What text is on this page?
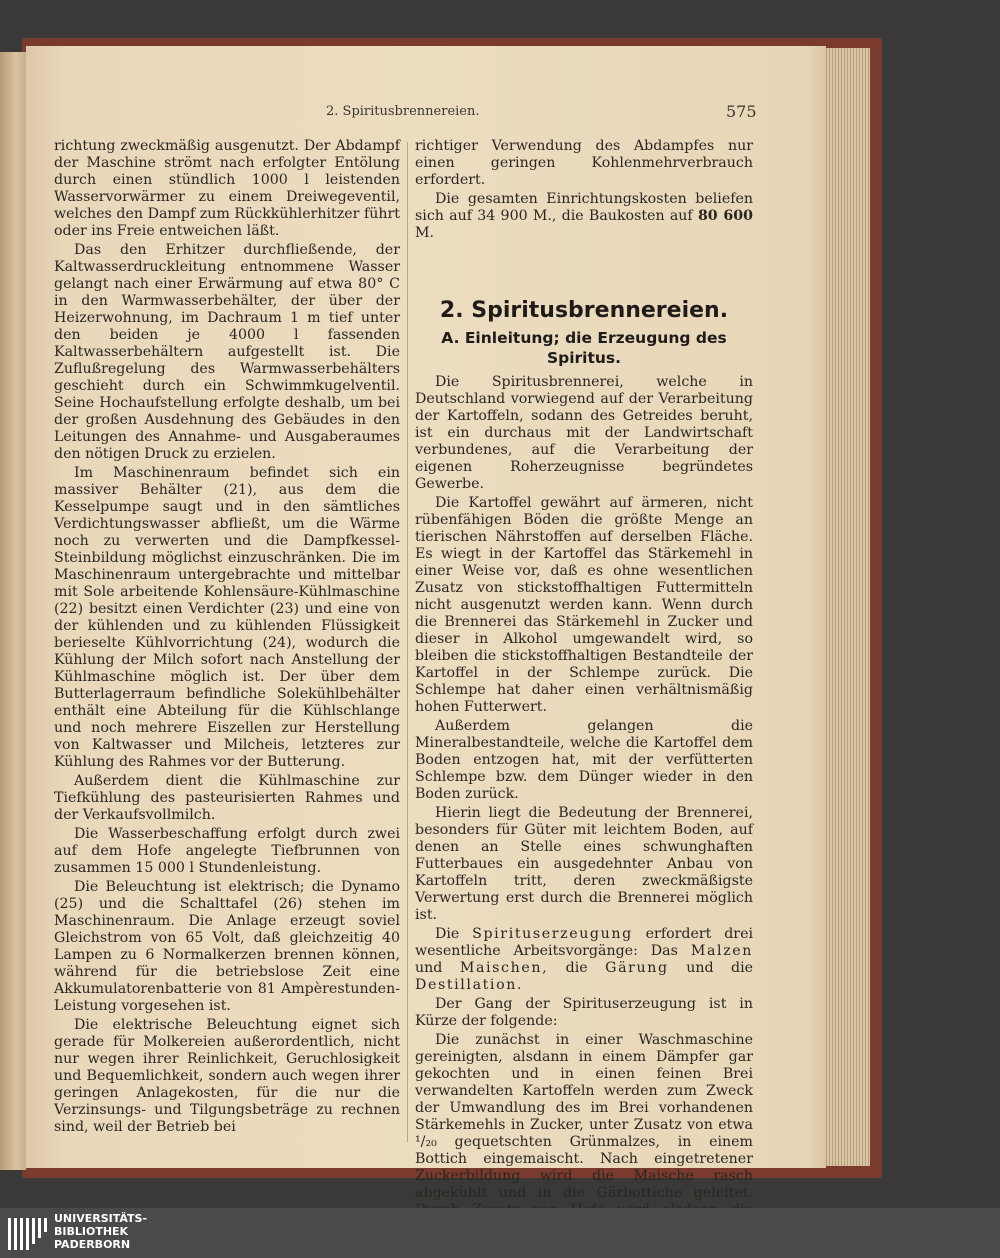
2. Spiritusbrennereien.	575

richtung zweckmäßig ausgenutzt. Der Abdampf der Maschine strömt nach erfolgter Entölung durch einen stündlich 1000 l leistenden Wasservorwärmer zu einem Dreiwegeventil, welches den Dampf zum Rückkühlerhitzer führt oder ins Freie entweichen läßt.

Das den Erhitzer durchfließende, der Kaltwasserdruckleitung entnommene Wasser gelangt nach einer Erwärmung auf etwa 80° C in den Warmwasserbehälter, der über der Heizerwohnung, im Dachraum 1 m tief unter den beiden je 4000 l fassenden Kaltwasserbehältern aufgestellt ist. Die Zuflußregelung des Warmwasserbehälters geschieht durch ein Schwimmkugelventil. Seine Hochaufstellung erfolgte deshalb, um bei der großen Ausdehnung des Gebäudes in den Leitungen des Annahme- und Ausgaberaumes den nötigen Druck zu erzielen.

Im Maschinenraum befindet sich ein massiver Behälter (21), aus dem die Kesselpumpe saugt und in den sämtliches Verdichtungswasser abfließt, um die Wärme noch zu verwerten und die Dampfkessel-Steinbildung möglichst einzuschränken. Die im Maschinenraum untergebrachte und mittelbar mit Sole arbeitende Kohlensäure-Kühlmaschine (22) besitzt einen Verdichter (23) und eine von der kühlenden und zu kühlenden Flüssigkeit berieselte Kühlvorrichtung (24), wodurch die Kühlung der Milch sofort nach Anstellung der Kühlmaschine möglich ist. Der über dem Butterlagerraum befindliche Solekühlbehälter enthält eine Abteilung für die Kühlschlange und noch mehrere Eiszellen zur Herstellung von Kaltwasser und Milcheis, letzteres zur Kühlung des Rahmes vor der Butterung.

Außerdem dient die Kühlmaschine zur Tiefkühlung des pasteurisierten Rahmes und der Verkaufsvollmilch.

Die Wasserbeschaffung erfolgt durch zwei auf dem Hofe angelegte Tiefbrunnen von zusammen 15 000 l Stundenleistung.

Die Beleuchtung ist elektrisch; die Dynamo (25) und die Schalttafel (26) stehen im Maschinenraum. Die Anlage erzeugt soviel Gleichstrom von 65 Volt, daß gleichzeitig 40 Lampen zu 6 Normalkerzen brennen können, während für die betriebslose Zeit eine Akkumulatorenbatterie von 81 Ampèrestunden-Leistung vorgesehen ist.

Die elektrische Beleuchtung eignet sich gerade für Molkereien außerordentlich, nicht nur wegen ihrer Reinlichkeit, Geruchlosigkeit und Bequemlichkeit, sondern auch wegen ihrer geringen Anlagekosten, für die nur die Verzinsungs- und Tilgungsbeträge zu rechnen sind, weil der Betrieb bei

richtiger Verwendung des Abdampfes nur einen geringen Kohlenmehrverbrauch erfordert.

Die gesamten Einrichtungskosten beliefen sich auf 34 900 M., die Baukosten auf 80 600 M.

2. Spiritusbrennereien.
A. Einleitung; die Erzeugung des Spiritus.

Die Spiritusbrennerei, welche in Deutschland vorwiegend auf der Verarbeitung der Kartoffeln, sodann des Getreides beruht, ist ein durchaus mit der Landwirtschaft verbundenes, auf die Verarbeitung der eigenen Roherzeugnisse begründetes Gewerbe.

Die Kartoffel gewährt auf ärmeren, nicht rübenfähigen Böden die größte Menge an tierischen Nährstoffen auf derselben Fläche. Es wiegt in der Kartoffel das Stärkemehl in einer Weise vor, daß es ohne wesentlichen Zusatz von stickstoffhaltigen Futtermitteln nicht ausgenutzt werden kann. Wenn durch die Brennerei das Stärkemehl in Zucker und dieser in Alkohol umgewandelt wird, so bleiben die stickstoffhaltigen Bestandteile der Kartoffel in der Schlempe zurück. Die Schlempe hat daher einen verhältnismäßig hohen Futterwert.

Außerdem gelangen die Mineralbestandteile, welche die Kartoffel dem Boden entzogen hat, mit der verfütterten Schlempe bzw. dem Dünger wieder in den Boden zurück.

Hierin liegt die Bedeutung der Brennerei, besonders für Güter mit leichtem Boden, auf denen an Stelle eines schwunghaften Futterbaues ein ausgedehnter Anbau von Kartoffeln tritt, deren zweckmäßigste Verwertung erst durch die Brennerei möglich ist.

Die Spirituserzeugung erfordert drei wesentliche Arbeitsvorgänge: Das Malzen und Maischen, die Gärung und die Destillation.

Der Gang der Spirituserzeugung ist in Kürze der folgende:

Die zunächst in einer Waschmaschine gereinigten, alsdann in einem Dämpfer gar gekochten und in einen feinen Brei verwandelten Kartoffeln werden zum Zweck der Umwandlung des im Brei vorhandenen Stärkemehls in Zucker, unter Zusatz von etwa ¹/₂₀ gequetschten Grünmalzes, in einem Bottich eingemaischt. Nach eingetretener Zuckerbildung wird die Maische rasch abgekühlt und in die Gärbottiche geleitet.

UNIVERSITÄTS-
BIBLIOTHEK
PADERBORN
